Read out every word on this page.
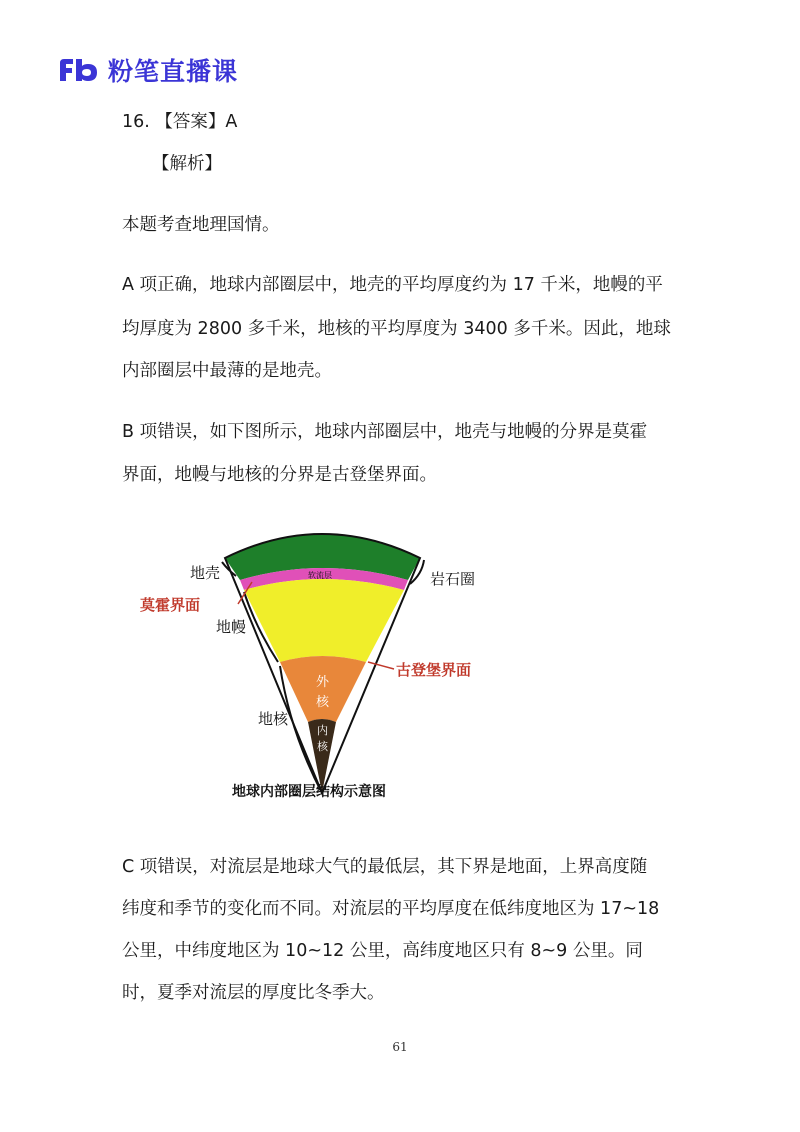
粉笔直播课
16. 【答案】A
【解析】
本题考查地理国情。
A 项正确，地球内部圈层中，地壳的平均厚度约为 17 千米，地幔的平
均厚度为 2800 多千米，地核的平均厚度为 3400 多千米。因此，地球
内部圈层中最薄的是地壳。
B 项错误，如下图所示，地球内部圈层中，地壳与地幔的分界是莫霍
界面，地幔与地核的分界是古登堡界面。
地壳
莫霍界面
地幔
地核
岩石圈
软流层
古登堡界面
外
核
内
核
地球内部圈层结构示意图
C 项错误，对流层是地球大气的最低层，其下界是地面，上界高度随
纬度和季节的变化而不同。对流层的平均厚度在低纬度地区为 17~18
公里，中纬度地区为 10~12 公里，高纬度地区只有 8~9 公里。同
时，夏季对流层的厚度比冬季大。
61
